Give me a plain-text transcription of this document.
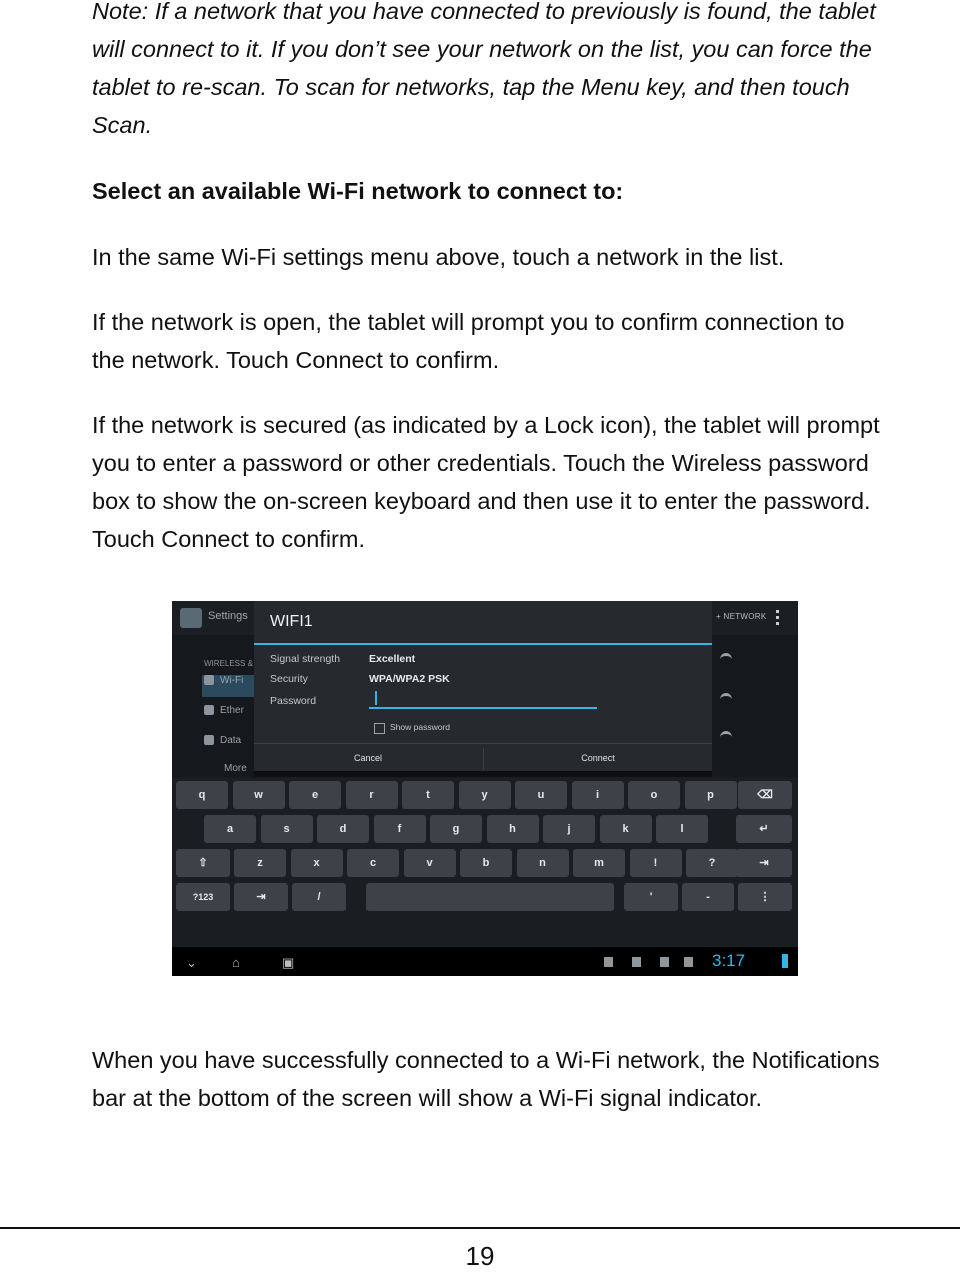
Note: If a network that you have connected to previously is found, the tablet will connect to it. If you don’t see your network on the list, you can force the tablet to re-scan. To scan for networks, tap the Menu key, and then touch Scan.

Select an available Wi-Fi network to connect to:

In the same Wi-Fi settings menu above, touch a network in the list.

If the network is open, the tablet will prompt you to confirm connection to the network. Touch Connect to confirm.

If the network is secured (as indicated by a Lock icon), the tablet will prompt you to enter a password or other credentials. Touch the Wireless password box to show the on-screen keyboard and then use it to enter the password. Touch Connect to confirm.

Settings	+ NETWORK
WIRELESS &
Wi-Fi
Ether
Data
More
WIFI1
Signal strength	Excellent
Security	WPA/WPA2 PSK
Password
Show password
Cancel	Connect
q	w	e	r	t	y	u	i	o	p	⌫
a	s	d	f	g	h	j	k	l	↵
⇧	z	x	c	v	b	n	m	!	?	⇥
?123	⇥	/	'	-	⋮
⌄	⌂	▣	3:17

When you have successfully connected to a Wi-Fi network, the Notifications bar at the bottom of the screen will show a Wi-Fi signal indicator.

19
